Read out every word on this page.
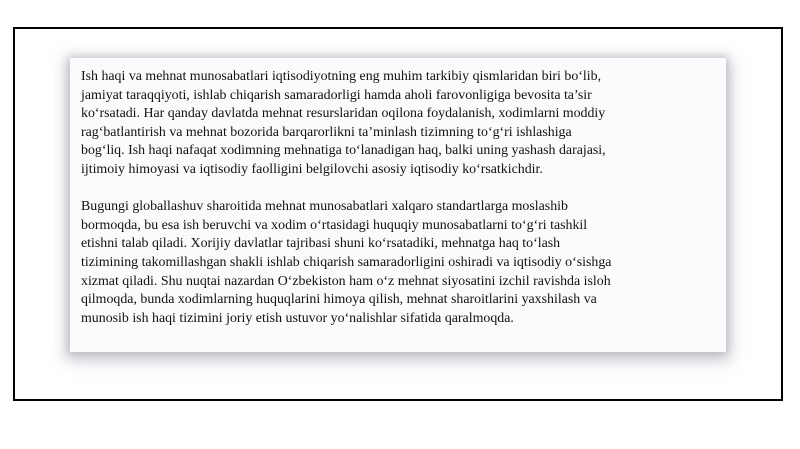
Ish haqi va mehnat munosabatlari iqtisodiyotning eng muhim tarkibiy qismlaridan biri bo‘lib,
jamiyat taraqqiyoti, ishlab chiqarish samaradorligi hamda aholi farovonligiga bevosita ta’sir
ko‘rsatadi. Har qanday davlatda mehnat resurslaridan oqilona foydalanish, xodimlarni moddiy
rag‘batlantirish va mehnat bozorida barqarorlikni ta’minlash tizimning to‘g‘ri ishlashiga
bog‘liq. Ish haqi nafaqat xodimning mehnatiga to‘lanadigan haq, balki uning yashash darajasi,
ijtimoiy himoyasi va iqtisodiy faolligini belgilovchi asosiy iqtisodiy ko‘rsatkichdir.

Bugungi globallashuv sharoitida mehnat munosabatlari xalqaro standartlarga moslashib
bormoqda, bu esa ish beruvchi va xodim o‘rtasidagi huquqiy munosabatlarni to‘g‘ri tashkil
etishni talab qiladi. Xorijiy davlatlar tajribasi shuni ko‘rsatadiki, mehnatga haq to‘lash
tizimining takomillashgan shakli ishlab chiqarish samaradorligini oshiradi va iqtisodiy o‘sishga
xizmat qiladi. Shu nuqtai nazardan O‘zbekiston ham o‘z mehnat siyosatini izchil ravishda isloh
qilmoqda, bunda xodimlarning huquqlarini himoya qilish, mehnat sharoitlarini yaxshilash va
munosib ish haqi tizimini joriy etish ustuvor yo‘nalishlar sifatida qaralmoqda.
